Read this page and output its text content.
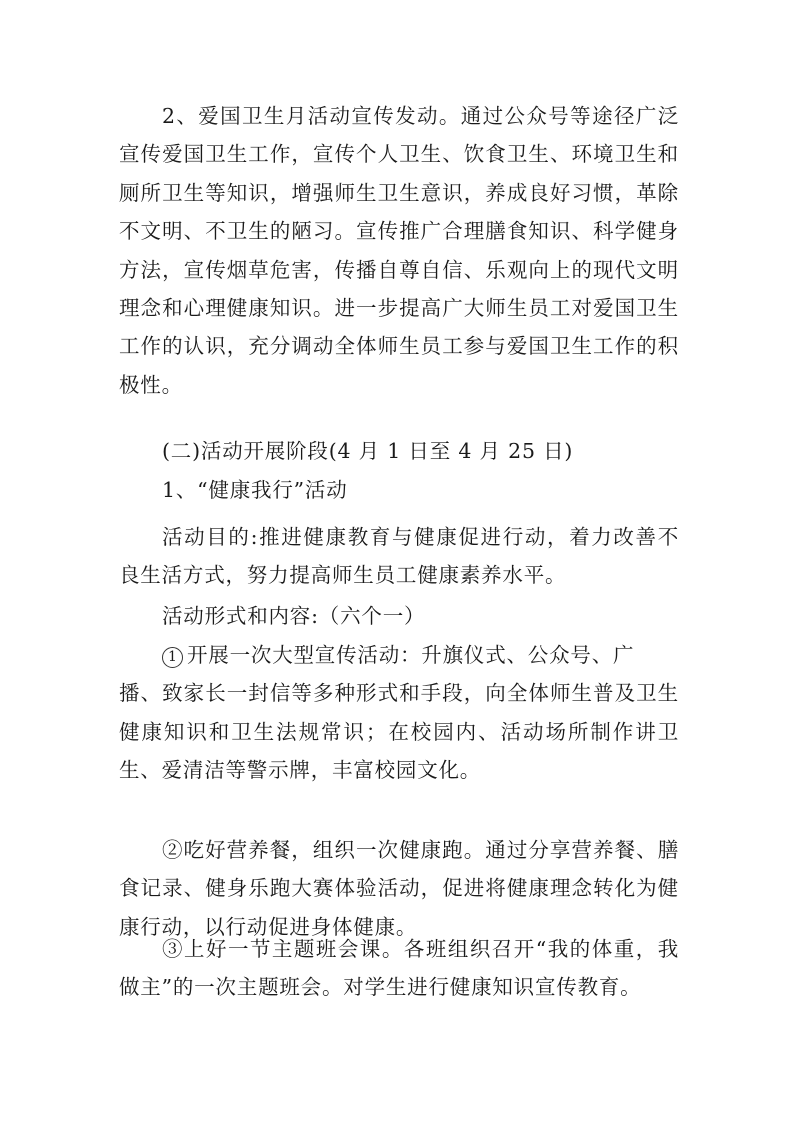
2、爱国卫生月活动宣传发动。通过公众号等途径广泛宣传爱国卫生工作，宣传个人卫生、饮食卫生、环境卫生和厕所卫生等知识，增强师生卫生意识，养成良好习惯，革除不文明、不卫生的陋习。宣传推广合理膳食知识、科学健身方法，宣传烟草危害，传播自尊自信、乐观向上的现代文明理念和心理健康知识。进一步提高广大师生员工对爱国卫生工作的认识，充分调动全体师生员工参与爱国卫生工作的积极性。

(二)活动开展阶段(4 月 1 日至 4 月 25 日)

1、“健康我行”活动

活动目的:推进健康教育与健康促进行动，着力改善不良生活方式，努力提高师生员工健康素养水平。

活动形式和内容:（六个一）

1 开展一次大型宣传活动：升旗仪式、公众号、广
播、致家长一封信等多种形式和手段，向全体师生普及卫生健康知识和卫生法规常识；在校园内、活动场所制作讲卫生、爱清洁等警示牌，丰富校园文化。

②吃好营养餐，组织一次健康跑。通过分享营养餐、膳食记录、健身乐跑大赛体验活动，促进将健康理念转化为健康行动，以行动促进身体健康。

③上好一节主题班会课。各班组织召开“我的体重，我做主”的一次主题班会。对学生进行健康知识宣传教育。
